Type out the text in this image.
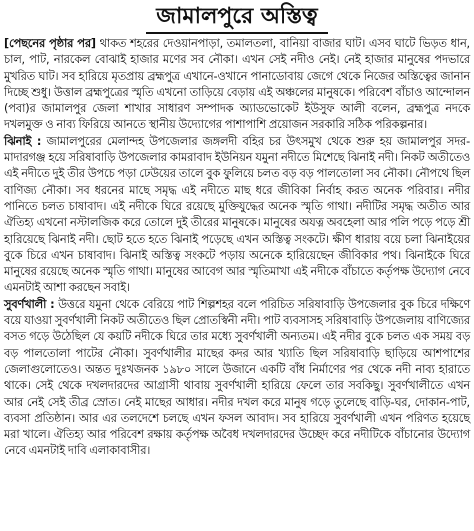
জামালপুরে অস্তিত্ব

[পেছনের পৃষ্ঠার পর] থাকত শহরের দেওয়ানপাড়া, তমালতলা, বানিয়া বাজার ঘাট। এসব ঘাটে ভিড়ত ধান, চাল, পাট, নারকেল বোঝাই হাজার মণের সব নৌকা। এখন সেই নদীও নেই। নেই হাজার মানুষের পদভারে মুখরিত ঘাট। সব হারিয়ে মৃতপ্রায় ব্রহ্মপুত্র এখানে-ওখানে পানাডোবায় জেগে থেকে নিজের অস্তিত্বের জানান দিচ্ছে শুধু। উত্তাল ব্রহ্মপুত্রের স্মৃতি এখনো তাড়িয়ে বেড়ায় এই অঞ্চলের মানুষকে। পরিবেশ বাঁচাও আন্দোলন (পবা)র জামালপুর জেলা শাখার সাধারণ সম্পাদক অ্যাডভোকেট ইউসুফ আলী বলেন, ব্রহ্মপুত্র নদকে দখলমুক্ত ও নাব্য ফিরিয়ে আনতে স্থানীয় উদ্যোগের পাশাপাশি প্রয়োজন সরকারি সঠিক পরিকল্পনার।

ঝিনাই : জামালপুরের মেলান্দহ উপজেলার জঙ্গলদী বহির চর উৎসমুখ থেকে শুরু হয় জামালপুর সদর-মাদারগঞ্জ হয়ে সরিষাবাড়ি উপজেলার কামরাবাদ ইউনিয়ন যমুনা নদীতে মিশেছে ঝিনাই নদী। নিকট অতীতেও এই নদীতে দুই তীর উপচে পড়া ঢেউয়ের তালে বুক ফুলিয়ে চলত বড় বড় পালতোলা সব নৌকা। নৌপথে ছিল বাণিজ্য নৌকা। সব ধরনের মাছে সমৃদ্ধ এই নদীতে মাছ ধরে জীবিকা নির্বাহ করত অনেক পরিবার। নদীর পানিতে চলত চাষাবাদ। এই নদীকে ঘিরে রয়েছে মুক্তিযুদ্ধের অনেক স্মৃতি গাথা। নদীটির সমৃদ্ধ অতীত আর ঐতিহ্য এখনো নস্টালজিক করে তোলে দুই তীরের মানুষকে। মানুষের অযত্ন অবহেলা আর পলি পড়ে পড়ে শ্রী হারিয়েছে ঝিনাই নদী। ছোট হতে হতে ঝিনাই পড়েছে এখন অস্তিত্ব সংকটে। ক্ষীণ ধারায় বয়ে চলা ঝিনাইয়ের বুকে চিরে এখন চাষাবাদ। ঝিনাই অস্তিত্ব সংকটে পড়ায় অনেকে হারিয়েছেন জীবিকার পথ। ঝিনাইকে ঘিরে মানুষের রয়েছে অনেক স্মৃতি গাথা। মানুষের আবেগ আর স্মৃতিমাখা এই নদীকে বাঁচাতে কর্তৃপক্ষ উদ্যোগ নেবে এমনটাই আশা করছেন সবাই।

সুবর্ণখালী : উত্তরে যমুনা থেকে বেরিয়ে পাট শিল্পশহর বলে পরিচিত সরিষাবাড়ি উপজেলার বুক চিরে দক্ষিণে বয়ে যাওয়া সুবর্ণখালী নিকট অতীতেও ছিল প্রোতস্বিনী নদী। পাট ব্যবসাসহ সরিষাবাড়ি উপজেলায় বাণিজ্যের বসত গড়ে উঠেছিল যে কয়টি নদীকে ঘিরে তার মধ্যে সুবর্ণখালী অন্যতম। এই নদীর বুকে চলত এক সময় বড় বড় পালতোলা পাটের নৌকা। সুবর্ণখালীর মাছের কদর আর খ্যাতি ছিল সরিষাবাড়ি ছাড়িয়ে আশপাশের জেলাগুলোতেও। অন্তত দুঃখজনক ১৯৮০ সালে উজানে একটি বাঁধ নির্মাণের পর থেকে নদী নাব্য হারাতে থাকে। সেই থেকে দখলদারদের আগ্রাসী থাবায় সুবর্ণখালী হারিয়ে ফেলে তার সবকিছু। সুবর্ণখালীতে এখন আর নেই সেই তীব্র স্রোত। নেই মাছের আধার। নদীর দখল করে মানুষ গড়ে তুলেছে বাড়ি-ঘর, দোকান-পাট, ব্যবসা প্রতিষ্ঠান। আর এর তলদেশে চলছে এখন ফসল আবাদ। সব হারিয়ে সুবর্ণখালী এখন পরিণত হয়েছে মরা খালে। ঐতিহ্য আর পরিবেশ রক্ষায় কর্তৃপক্ষ অবৈধ দখলদারদের উচ্ছেদ করে নদীটিকে বাঁচানোর উদ্যোগ নেবে এমনটাই দাবি এলাকাবাসীর।
